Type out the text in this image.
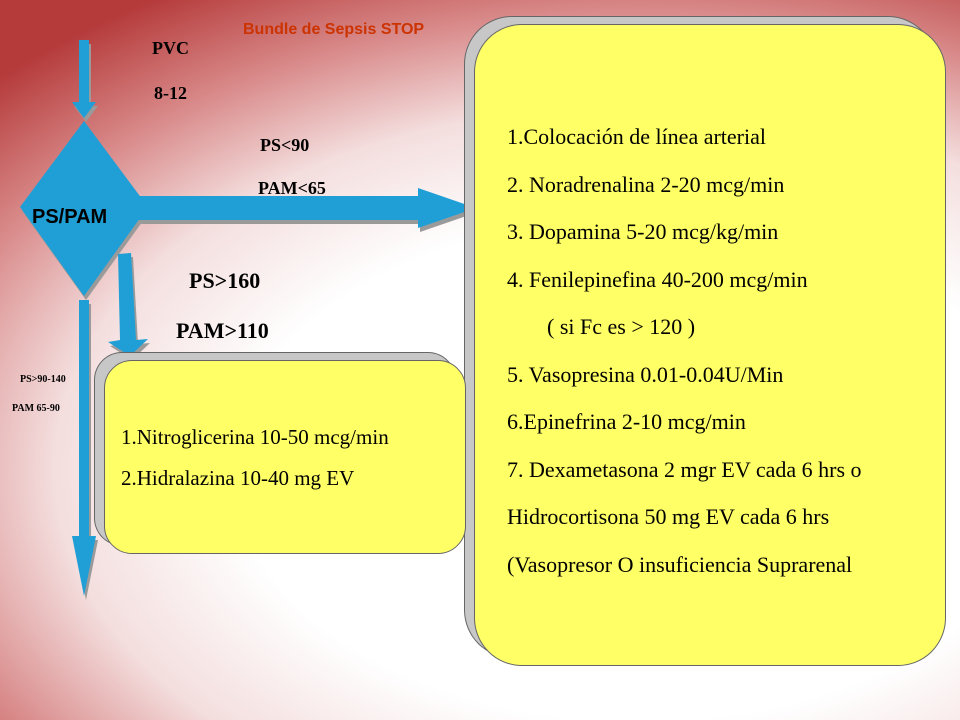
Bundle de Sepsis STOP
PVC
8-12
PS/PAM
PS<90
PAM<65
PS>160
PAM>110
PS>90-140
PAM 65-90
1.Colocación de línea arterial
2. Noradrenalina 2-20 mcg/min
3. Dopamina 5-20 mcg/kg/min
4. Fenilepinefina 40-200 mcg/min
( si Fc es > 120 )
5. Vasopresina 0.01-0.04U/Min
6.Epinefrina 2-10 mcg/min
7. Dexametasona 2 mgr EV cada 6 hrs o
Hidrocortisona 50 mg EV cada 6 hrs
(Vasopresor O insuficiencia Suprarenal
1.Nitroglicerina 10-50 mcg/min
2.Hidralazina 10-40 mg EV
